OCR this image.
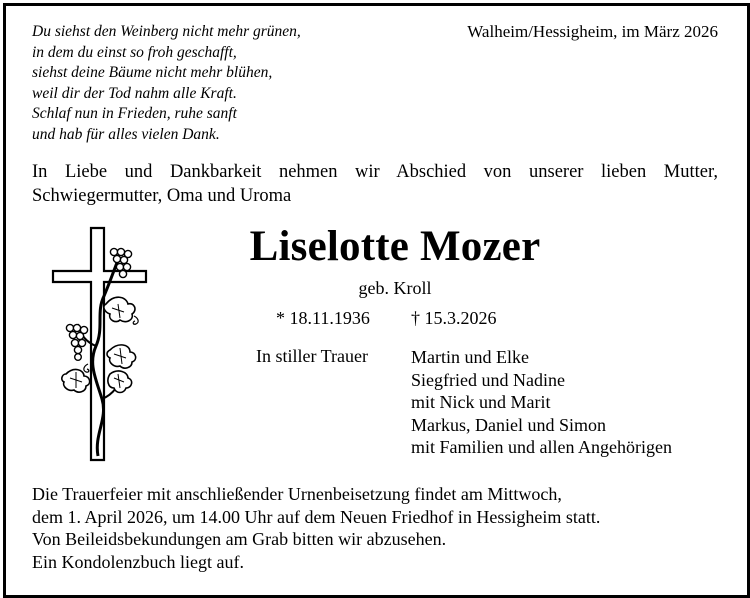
Du siehst den Weinberg nicht mehr grünen,
in dem du einst so froh geschafft,
siehst deine Bäume nicht mehr blühen,
weil dir der Tod nahm alle Kraft.
Schlaf nun in Frieden, ruhe sanft
und hab für alles vielen Dank.
Walheim/Hessigheim, im März 2026
In Liebe und Dankbarkeit nehmen wir Abschied von unserer lieben Mutter, Schwiegermutter, Oma und Uroma
Liselotte Mozer
geb. Kroll
* 18.11.1936 † 15.3.2026
In stiller Trauer Martin und Elke
Siegfried und Nadine
mit Nick und Marit
Markus, Daniel und Simon
mit Familien und allen Angehörigen
Die Trauerfeier mit anschließender Urnenbeisetzung findet am Mittwoch,
dem 1. April 2026, um 14.00 Uhr auf dem Neuen Friedhof in Hessigheim statt.
Von Beileidsbekundungen am Grab bitten wir abzusehen.
Ein Kondolenzbuch liegt auf.
